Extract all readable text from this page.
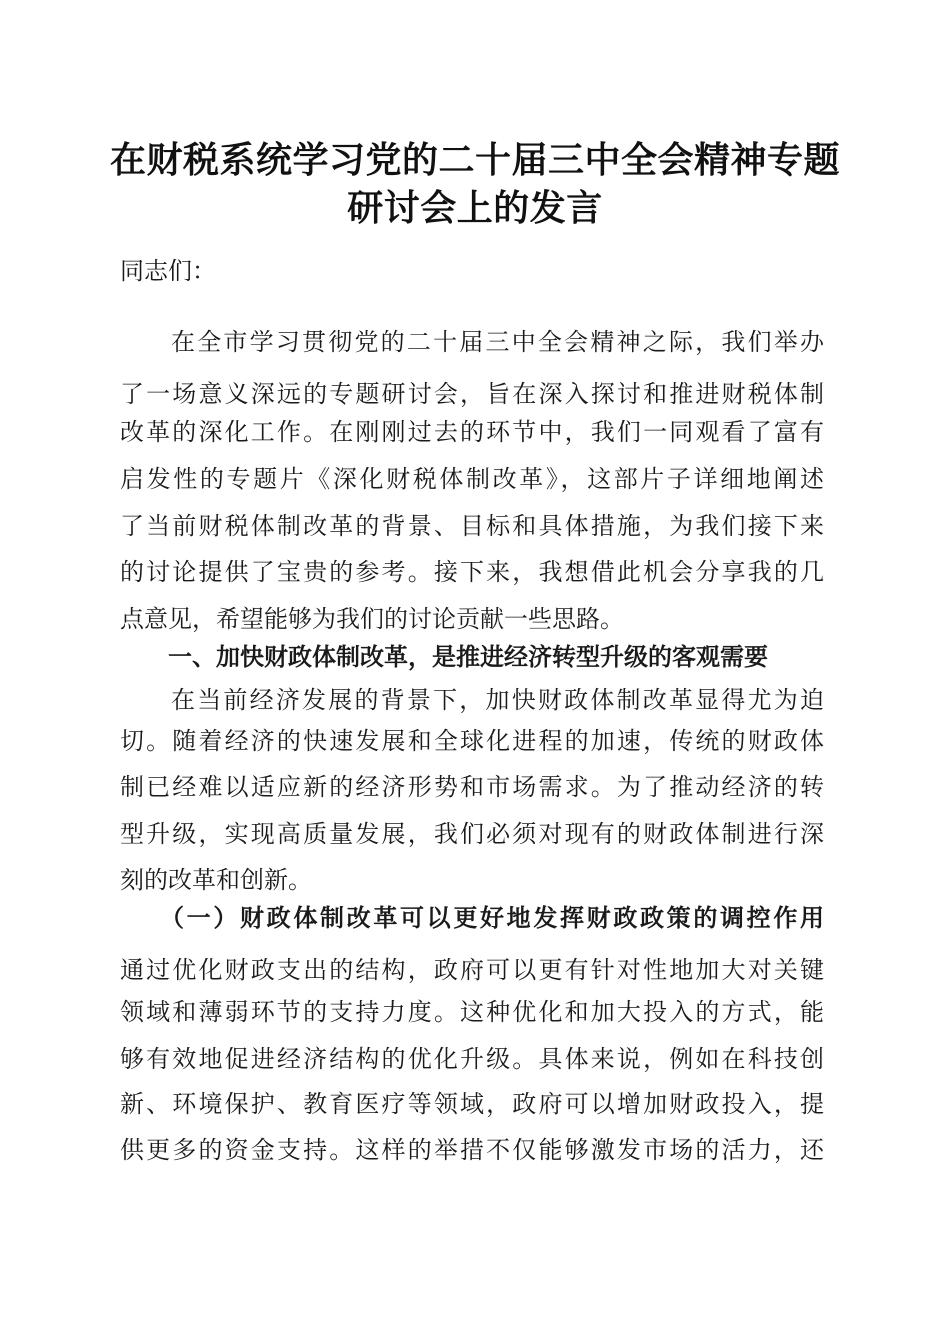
在财税系统学习党的二十届三中全会精神专题
研讨会上的发言
同志们：
在全市学习贯彻党的二十届三中全会精神之际，我们举办
了一场意义深远的专题研讨会，旨在深入探讨和推进财税体制
改革的深化工作。在刚刚过去的环节中，我们一同观看了富有
启发性的专题片《深化财税体制改革》，这部片子详细地阐述
了当前财税体制改革的背景、目标和具体措施，为我们接下来
的讨论提供了宝贵的参考。接下来，我想借此机会分享我的几
点意见，希望能够为我们的讨论贡献一些思路。
一、加快财政体制改革，是推进经济转型升级的客观需要
在当前经济发展的背景下，加快财政体制改革显得尤为迫
切。随着经济的快速发展和全球化进程的加速，传统的财政体
制已经难以适应新的经济形势和市场需求。为了推动经济的转
型升级，实现高质量发展，我们必须对现有的财政体制进行深
刻的改革和创新。
（一）财政体制改革可以更好地发挥财政政策的调控作用
通过优化财政支出的结构，政府可以更有针对性地加大对关键
领域和薄弱环节的支持力度。这种优化和加大投入的方式，能
够有效地促进经济结构的优化升级。具体来说，例如在科技创
新、环境保护、教育医疗等领域，政府可以增加财政投入，提
供更多的资金支持。这样的举措不仅能够激发市场的活力，还
